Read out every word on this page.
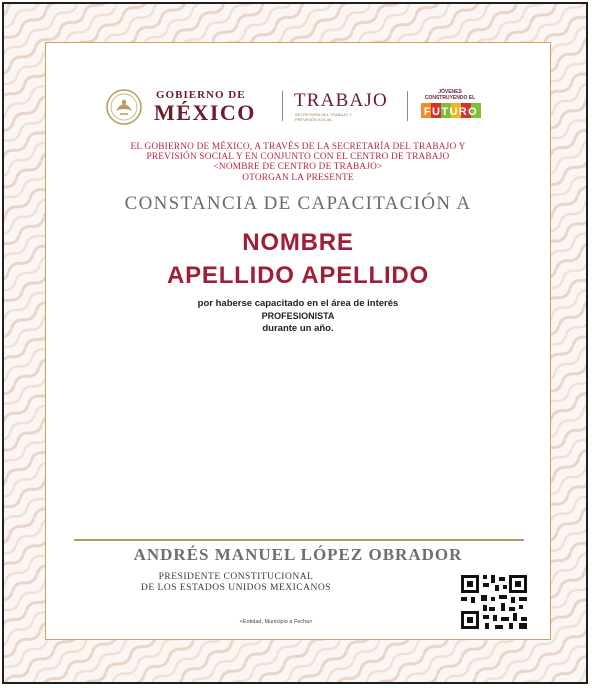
GOBIERNO DE
MÉXICO TRABAJO
SECRETARÍA DEL TRABAJO Y PREVISIÓN SOCIAL
JÓVENES CONSTRUYENDO EL
FUTURO
EL GOBIERNO DE MÉXICO, A TRAVÉS DE LA SECRETARÍA DEL TRABAJO Y
PREVISIÓN SOCIAL Y EN CONJUNTO CON EL CENTRO DE TRABAJO
<NOMBRE DE CENTRO DE TRABAJO>
OTORGAN LA PRESENTE
CONSTANCIA DE CAPACITACIÓN A
NOMBRE
APELLIDO APELLIDO
por haberse capacitado en el área de interés
PROFESIONISTA
durante un año.
ANDRÉS MANUEL LÓPEZ OBRADOR
PRESIDENTE CONSTITUCIONAL
DE LOS ESTADOS UNIDOS MEXICANOS
<Entidad, Municipio a Fecha>
